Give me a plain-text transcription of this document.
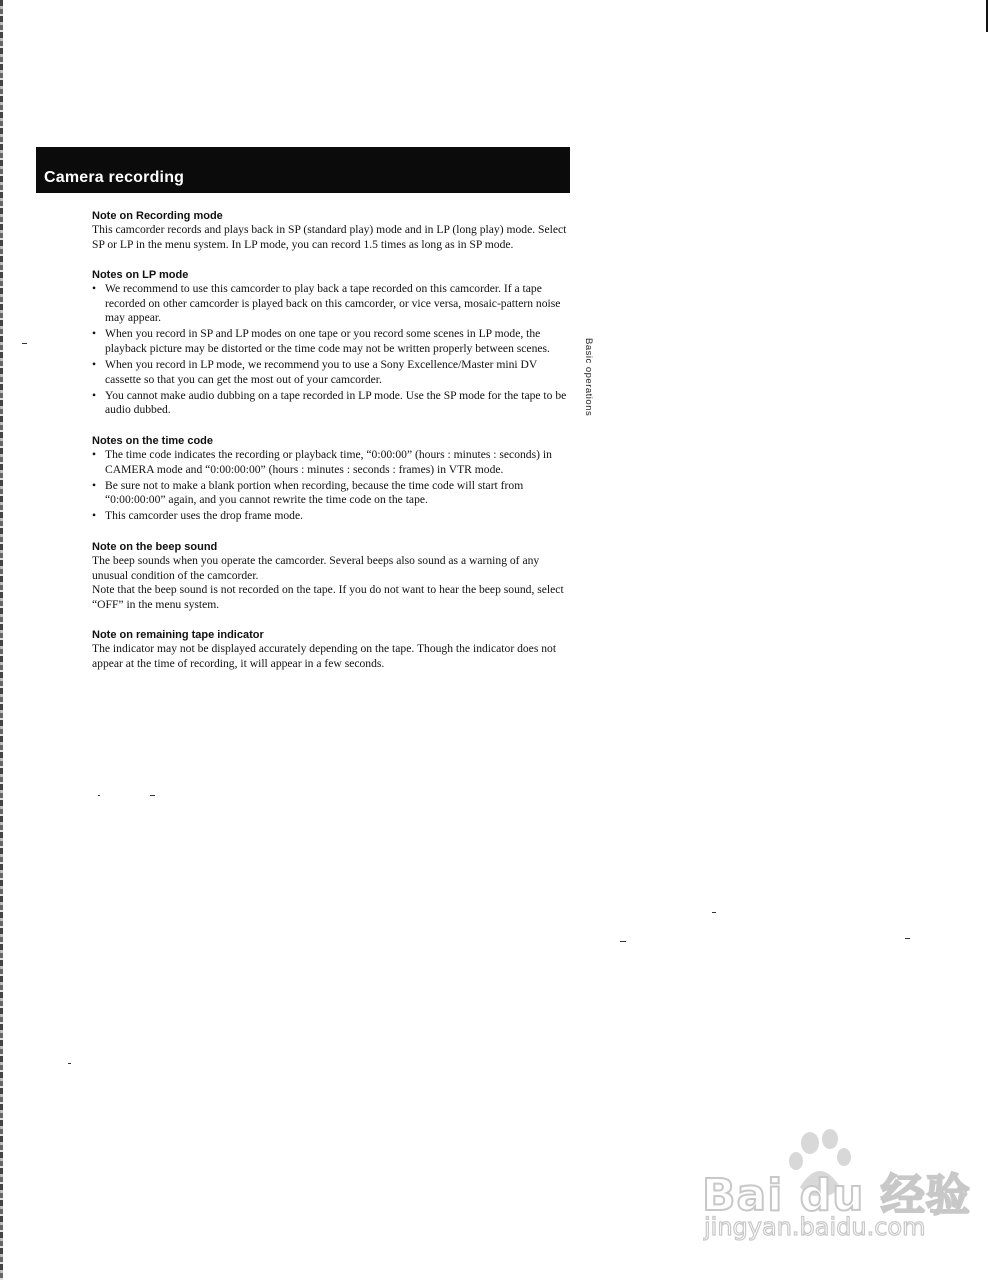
Camera recording

Note on Recording mode

This camcorder records and plays back in SP (standard play) mode and in LP (long play) mode. Select SP or LP in the menu system. In LP mode, you can record 1.5 times as long as in SP mode.

Notes on LP mode

• We recommend to use this camcorder to play back a tape recorded on this camcorder. If a tape recorded on other camcorder is played back on this camcorder, or vice versa, mosaic-pattern noise may appear.
• When you record in SP and LP modes on one tape or you record some scenes in LP mode, the playback picture may be distorted or the time code may not be written properly between scenes.
• When you record in LP mode, we recommend you to use a Sony Excellence/Master mini DV cassette so that you can get the most out of your camcorder.
• You cannot make audio dubbing on a tape recorded in LP mode. Use the SP mode for the tape to be audio dubbed.

Notes on the time code

• The time code indicates the recording or playback time, “0:00:00” (hours : minutes : seconds) in CAMERA mode and “0:00:00:00” (hours : minutes : seconds : frames) in VTR mode.
• Be sure not to make a blank portion when recording, because the time code will start from “0:00:00:00” again, and you cannot rewrite the time code on the tape.
• This camcorder uses the drop frame mode.

Note on the beep sound

The beep sounds when you operate the camcorder. Several beeps also sound as a warning of any unusual condition of the camcorder.

Note that the beep sound is not recorded on the tape. If you do not want to hear the beep sound, select “OFF” in the menu system.

Note on remaining tape indicator

The indicator may not be displayed accurately depending on the tape. Though the indicator does not appear at the time of recording, it will appear in a few seconds.

Basic operations
Bai du 经验
jingyan.baidu.com
